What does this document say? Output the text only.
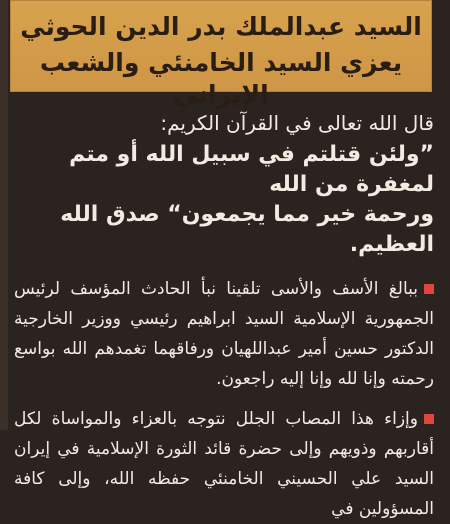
السيد عبدالملك بدر الدين الحوثي
يعزي السيد الخامنئي والشعب الإيراني

قال الله تعالى في القرآن الكريم:

”ولئن قتلتم في سبيل الله أو متم لمغفرة من الله
ورحمة خير مما يجمعون“ صدق الله العظيم.

ببالغ الأسف والأسى تلقينا نبأ الحادث المؤسف لرئيس الجمهورية الإسلامية السيد ابراهيم رئيسي ووزير الخارجية الدكتور حسين أمير عبداللهيان ورفاقهما تغمدهم الله بواسع رحمته وإنا لله وإنا إليه راجعون.

وإزاء هذا المصاب الجلل نتوجه بالعزاء والمواساة لكل أقاربهم وذويهم وإلى حضرة قائد الثورة الإسلامية في إيران السيد علي الحسيني الخامنئي حفظه الله، وإلى كافة المسؤولين في
